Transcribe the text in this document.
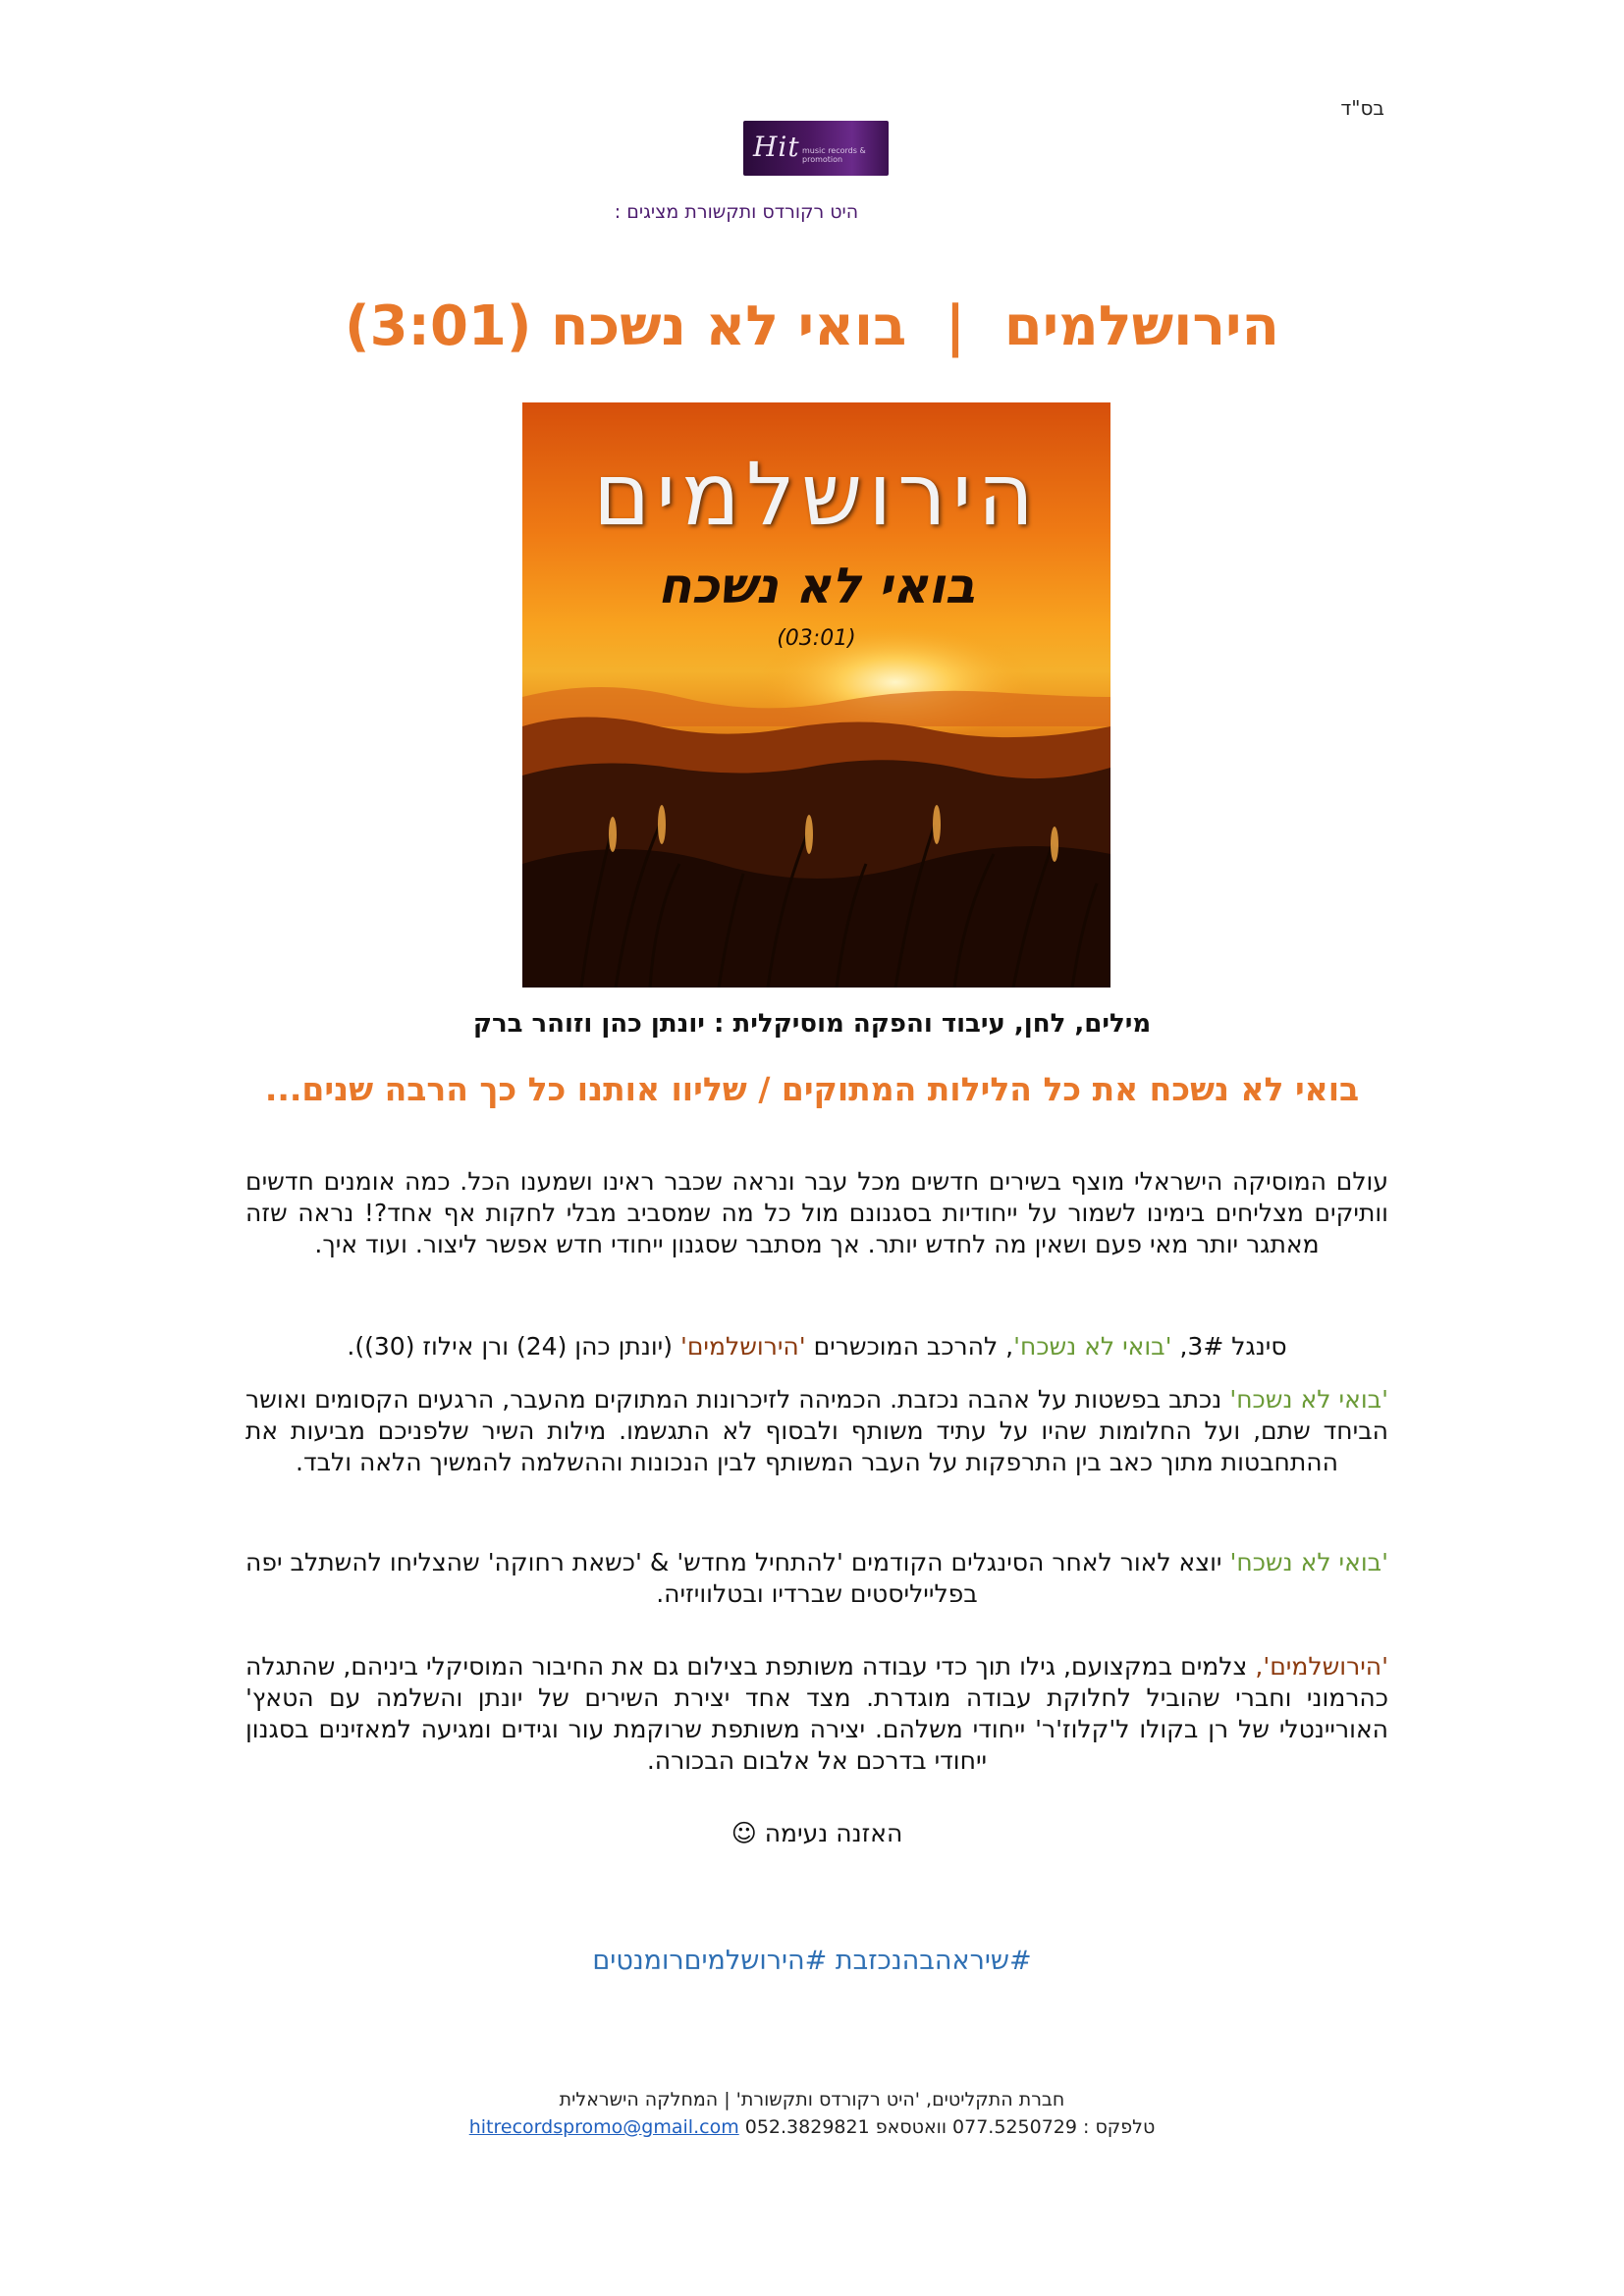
בס"ד
Hit music records & promotion
היט רקורדס ותקשורת מציגים :
הירושלמים | בואי לא נשכח (3:01)
הירושלמים
בואי לא נשכח
(03:01)
מילים, לחן, עיבוד והפקה מוסיקלית : יונתן כהן וזוהר ברק
בואי לא נשכח את כל הלילות המתוקים / שליוו אותנו כל כך הרבה שנים...
עולם המוסיקה הישראלי מוצף בשירים חדשים מכל עבר ונראה שכבר ראינו ושמענו הכל. כמה אומנים חדשים וותיקים מצליחים בימינו לשמור על ייחודיות בסגנונם מול כל מה שמסביב מבלי לחקות אף אחד?! נראה שזה מאתגר יותר מאי פעם ושאין מה לחדש יותר. אך מסתבר שסגנון ייחודי חדש אפשר ליצור. ועוד איך.
סינגל 3#, 'בואי לא נשכח', להרכב המוכשרים 'הירושלמים' (יונתן כהן (24) ורן אילוז (30)).
'בואי לא נשכח' נכתב בפשטות על אהבה נכזבת. הכמיהה לזיכרונות המתוקים מהעבר, הרגעים הקסומים ואושר הביחד שתם, ועל החלומות שהיו על עתיד משותף ולבסוף לא התגשמו. מילות השיר שלפניכם מביעות את ההתחבטות מתוך כאב בין התרפקות על העבר המשותף לבין הנכונות וההשלמה להמשיך הלאה ולבד.
'בואי לא נשכח' יוצא לאור לאחר הסינגלים הקודמים 'להתחיל מחדש' & 'כשאת רחוקה' שהצליחו להשתלב יפה בפלייליסטים שברדיו ובטלוויזיה.
'הירושלמים', צלמים במקצועם, גילו תוך כדי עבודה משותפת בצילום גם את החיבור המוסיקלי ביניהם, שהתגלה כהרמוני וחברי שהוביל לחלוקת עבודה מוגדרת. מצד אחד יצירת השירים של יונתן והשלמה עם הטאץ' האוריינטלי של רן בקולו ל'קלוז'ר' ייחודי משלהם. יצירה משותפת שרוקמת עור וגידים ומגיעה למאזינים בסגנון ייחודי בדרכם אל אלבום הבכורה.
האזנה נעימה ☺
#שיראהבהנכזבת #הירושלמיםרומנטים
חברת התקליטים, 'היט רקורדס ותקשורת' | המחלקה הישראלית
טלפקס : 077.5250729 וואטסאפ 052.3829821 hitrecordspromo@gmail.com
